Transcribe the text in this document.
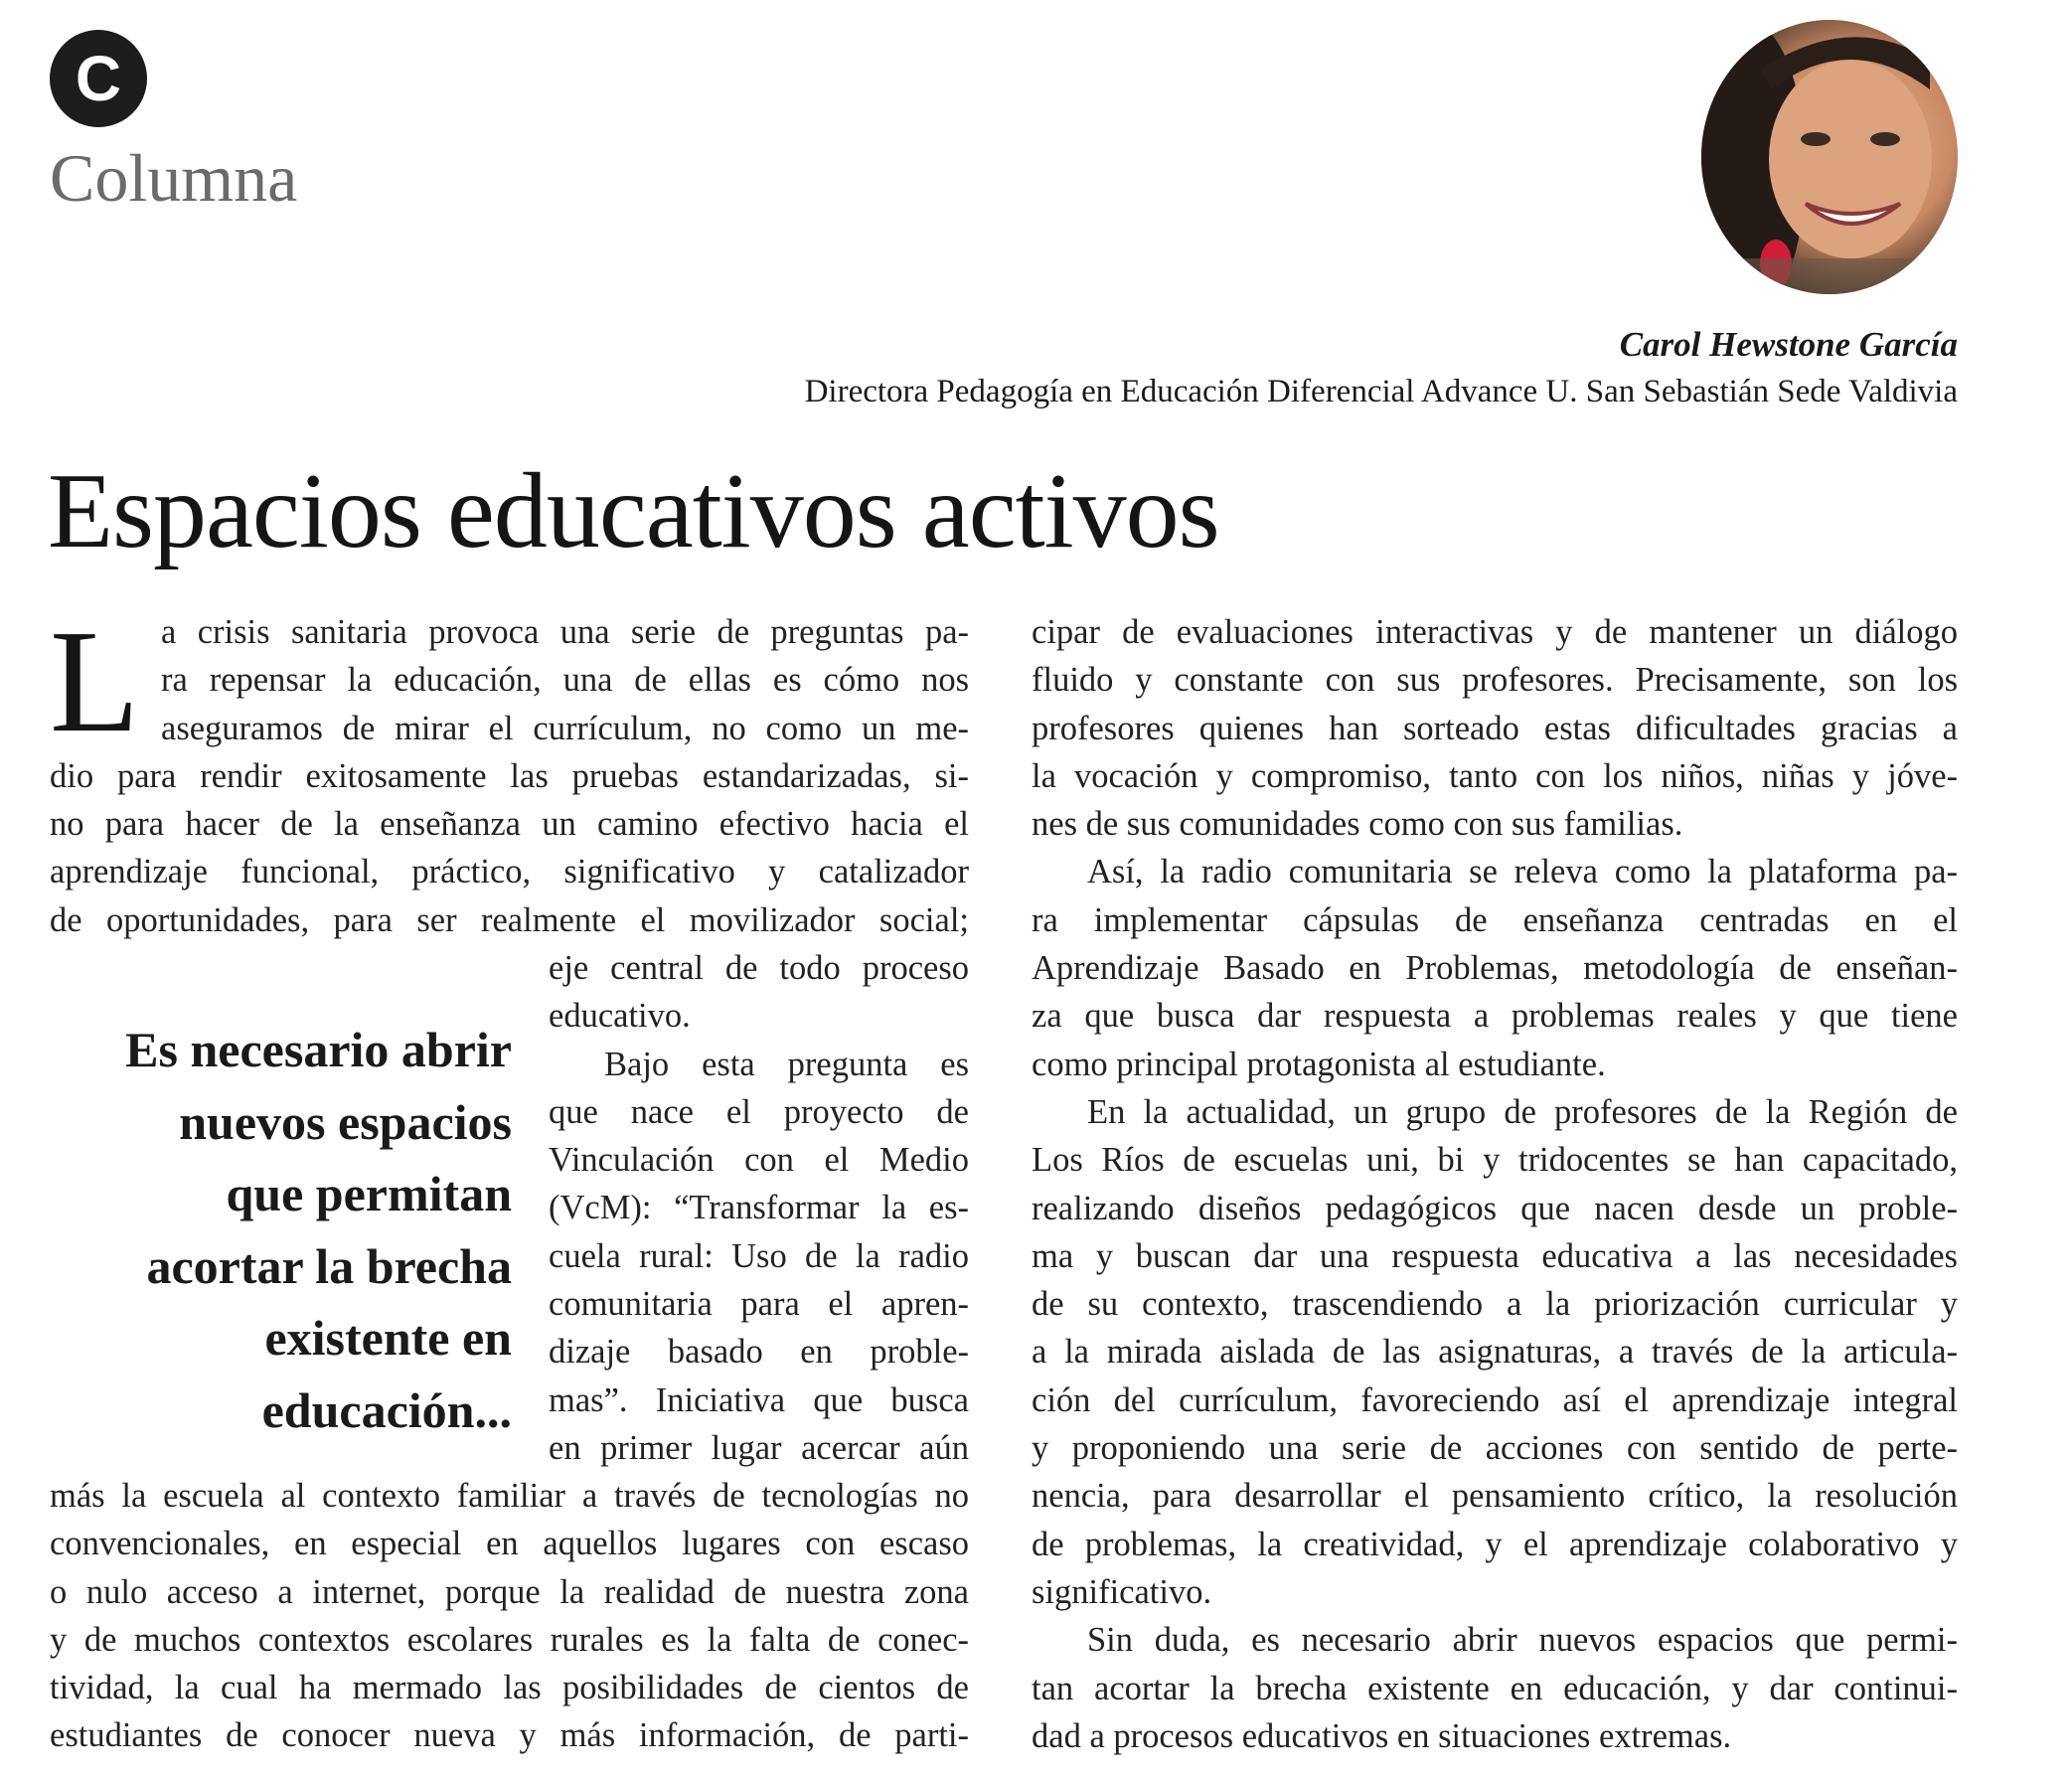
C
Columna
Carol Hewstone García
Directora Pedagogía en Educación Diferencial Advance U. San Sebastián Sede Valdivia
Espacios educativos activos
L a crisis sanitaria provoca una serie de preguntas pa-
ra repensar la educación, una de ellas es cómo nos
aseguramos de mirar el currículum, no como un me-
dio para rendir exitosamente las pruebas estandarizadas, si-
no para hacer de la enseñanza un camino efectivo hacia el
aprendizaje funcional, práctico, significativo y catalizador
de oportunidades, para ser realmente el movilizador social;
Es necesario abrir
nuevos espacios
que permitan
acortar la brecha
existente en
educación...
eje central de todo proceso
educativo.
Bajo esta pregunta es
que nace el proyecto de
Vinculación con el Medio
(VcM): “Transformar la es-
cuela rural: Uso de la radio
comunitaria para el apren-
dizaje basado en proble-
mas”. Iniciativa que busca
en primer lugar acercar aún
más la escuela al contexto familiar a través de tecnologías no
convencionales, en especial en aquellos lugares con escaso
o nulo acceso a internet, porque la realidad de nuestra zona
y de muchos contextos escolares rurales es la falta de conec-
tividad, la cual ha mermado las posibilidades de cientos de
estudiantes de conocer nueva y más información, de parti-
cipar de evaluaciones interactivas y de mantener un diálogo
fluido y constante con sus profesores. Precisamente, son los
profesores quienes han sorteado estas dificultades gracias a
la vocación y compromiso, tanto con los niños, niñas y jóve-
nes de sus comunidades como con sus familias.
Así, la radio comunitaria se releva como la plataforma pa-
ra implementar cápsulas de enseñanza centradas en el
Aprendizaje Basado en Problemas, metodología de enseñan-
za que busca dar respuesta a problemas reales y que tiene
como principal protagonista al estudiante.
En la actualidad, un grupo de profesores de la Región de
Los Ríos de escuelas uni, bi y tridocentes se han capacitado,
realizando diseños pedagógicos que nacen desde un proble-
ma y buscan dar una respuesta educativa a las necesidades
de su contexto, trascendiendo a la priorización curricular y
a la mirada aislada de las asignaturas, a través de la articula-
ción del currículum, favoreciendo así el aprendizaje integral
y proponiendo una serie de acciones con sentido de perte-
nencia, para desarrollar el pensamiento crítico, la resolución
de problemas, la creatividad, y el aprendizaje colaborativo y
significativo.
Sin duda, es necesario abrir nuevos espacios que permi-
tan acortar la brecha existente en educación, y dar continui-
dad a procesos educativos en situaciones extremas.
